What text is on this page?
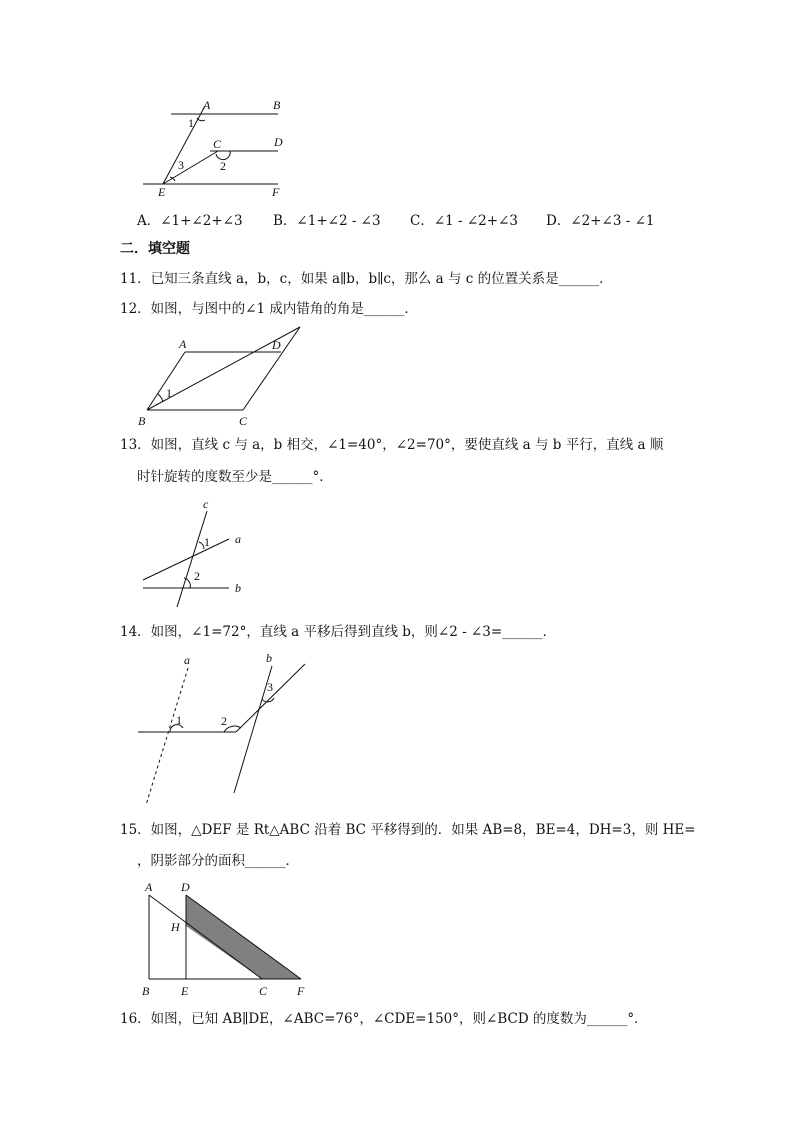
A	B
C	D
E	F
1
2
3
A．∠1+∠2+∠3 B．∠1+∠2 - ∠3 C．∠1 - ∠2+∠3 D．∠2+∠3 - ∠1
二．填空题
11．已知三条直线 a，b，c，如果 a∥b，b∥c，那么 a 与 c 的位置关系是______．
12．如图，与图中的∠1 成内错角的角是______．
A	D
B	C
1
13．如图，直线 c 与 a，b 相交，∠1=40°，∠2=70°，要使直线 a 与 b 平行，直线 a 顺
时针旋转的度数至少是______°．
c
a
b
1
2
14．如图，∠1=72°，直线 a 平移后得到直线 b，则∠2 - ∠3=______．
a	b
1	2
3
15．如图，△DEF 是 Rt△ABC 沿着 BC 平移得到的．如果 AB=8，BE=4，DH=3，则 HE=
，阴影部分的面积______．
A D
H
B	E	C F
16．如图，已知 AB∥DE，∠ABC=76°，∠CDE=150°，则∠BCD 的度数为______°．
